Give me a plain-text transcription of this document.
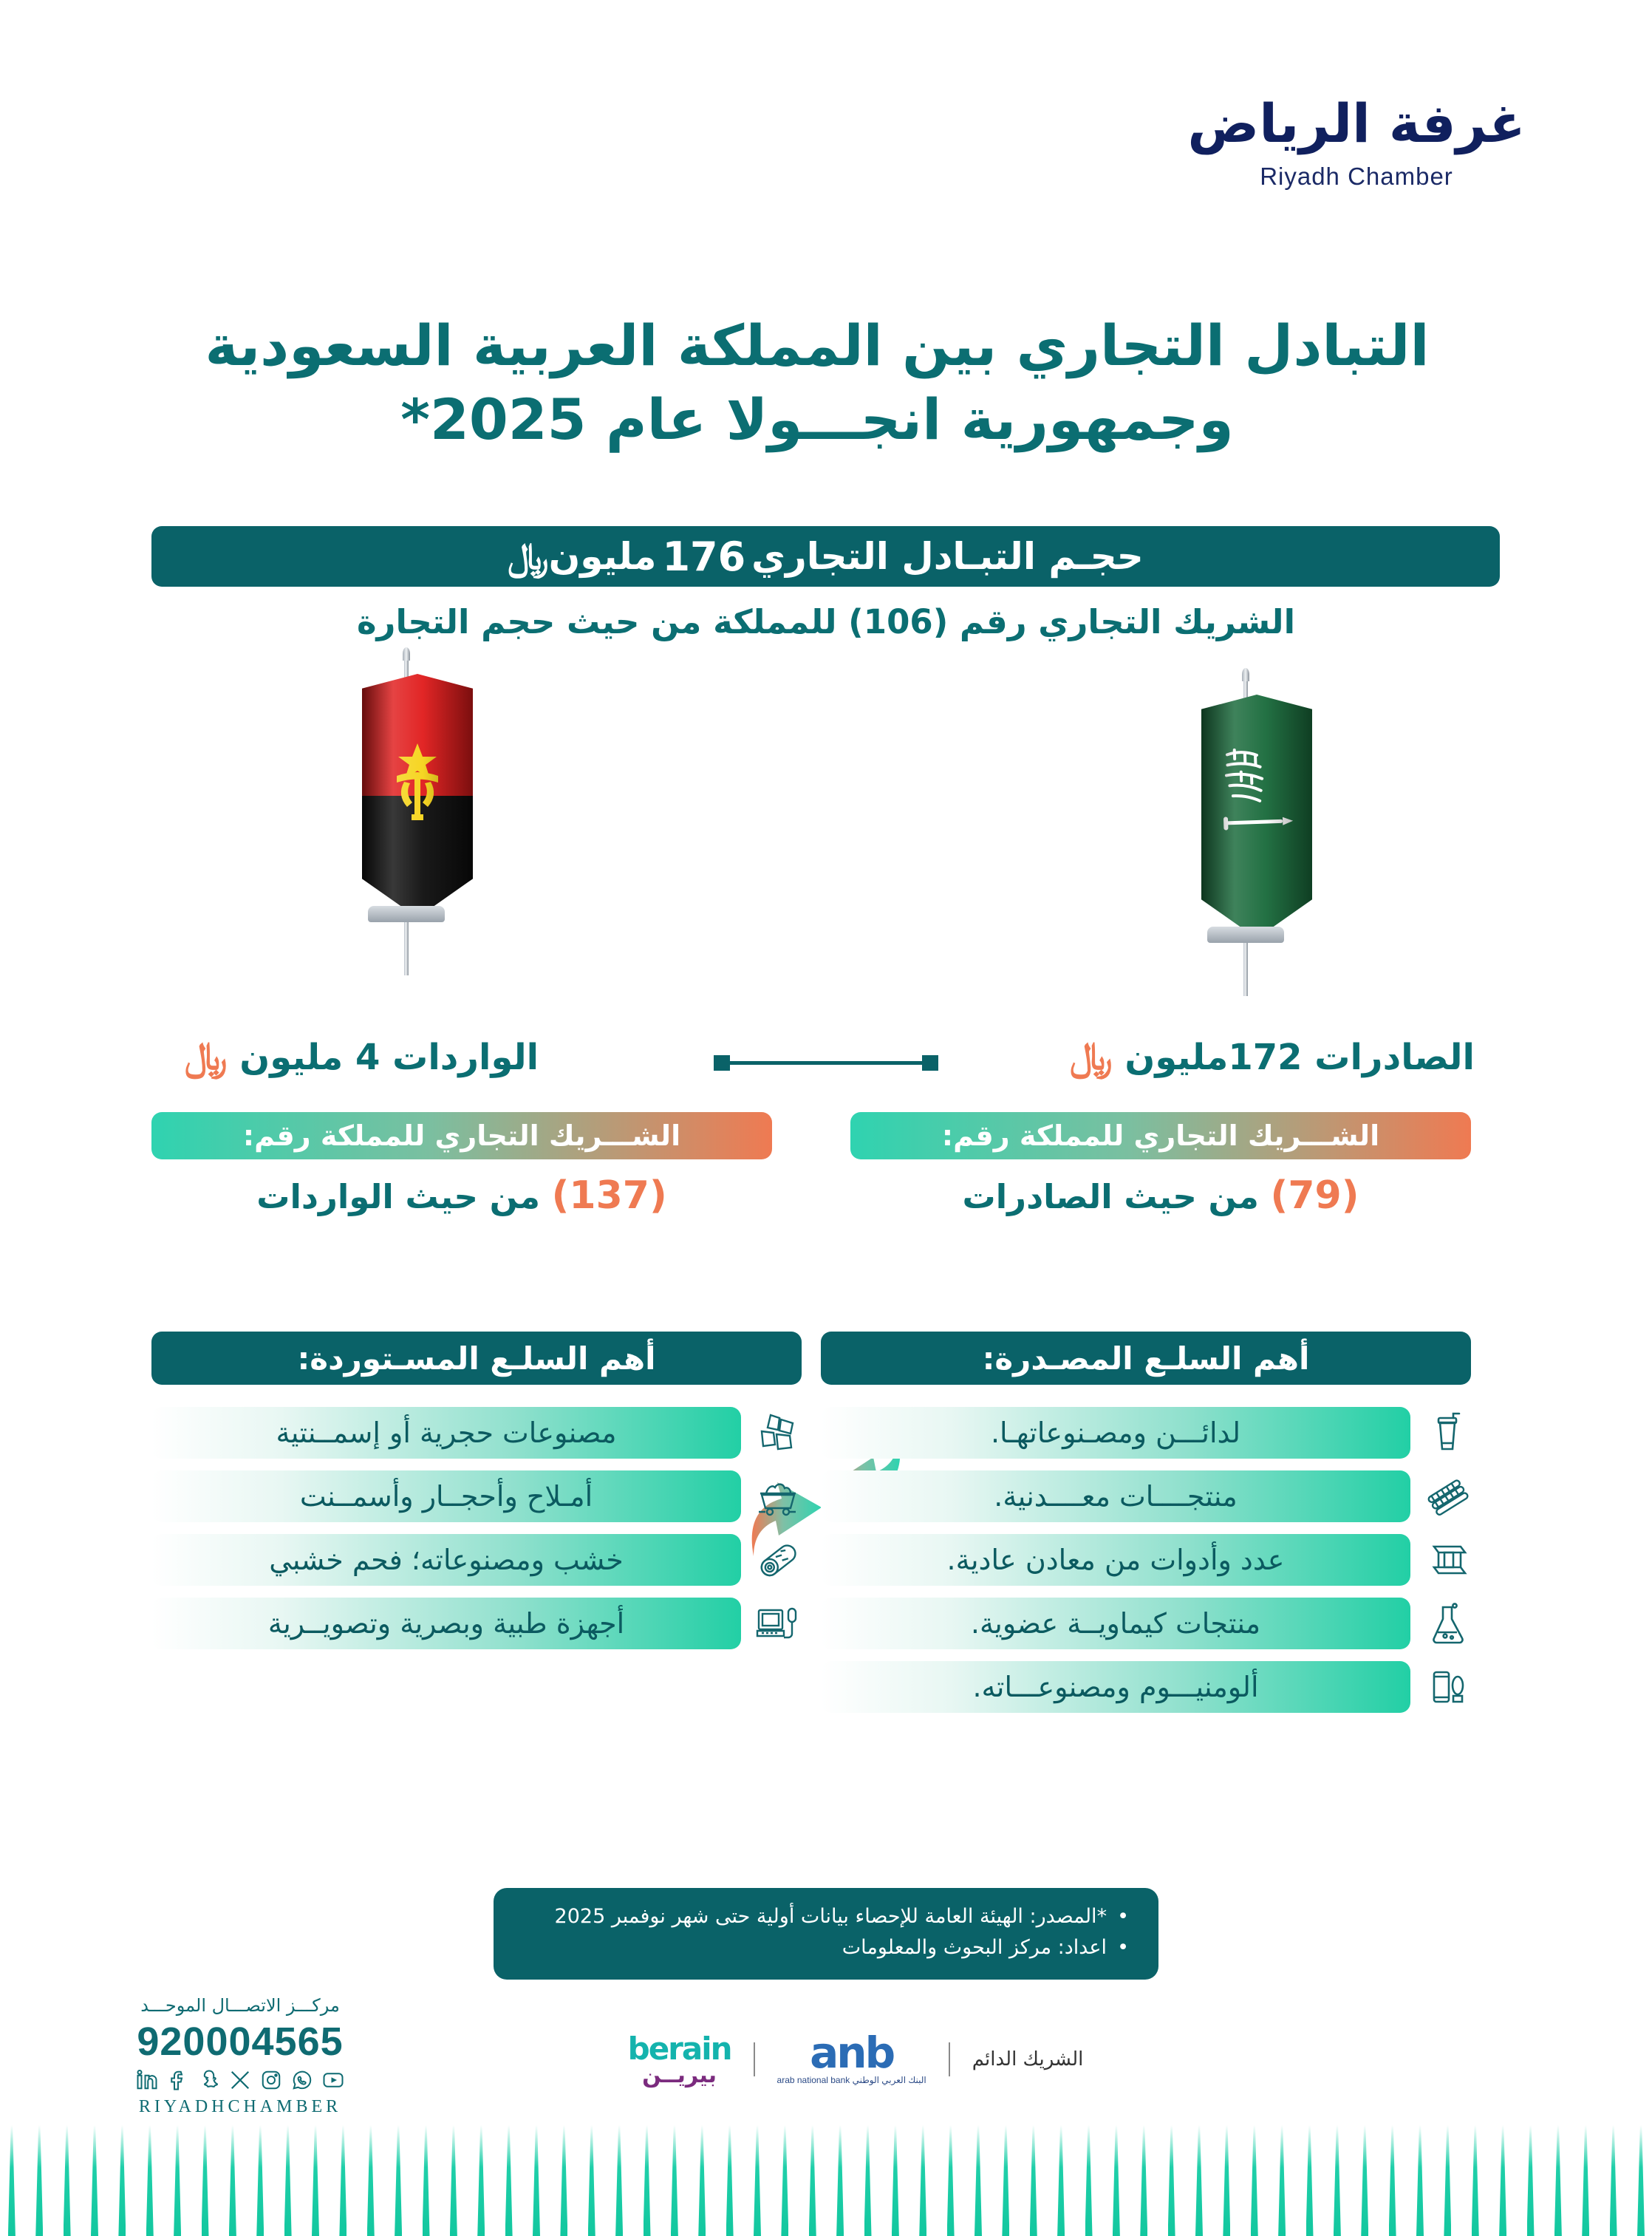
غرفة الرياض
Riyadh Chamber
التبادل التجاري بين المملكة العربية السعودية وجمهورية انجـــولا عام 2025*
حجـم التبـادل التجاري
176
مليون
﷼
الشريك التجاري رقم (106) للمملكة من حيث حجم التجارة
الصادرات 172مليون ﷼
الواردات 4 مليون ﷼
الشـــريك التجاري للمملكة رقم:
(79) من حيث الصادرات
الشـــريك التجاري للمملكة رقم:
(137) من حيث الواردات
أهم السلـع المصـدرة:
لدائـــن ومصـنوعاتهـا.
منتجــــات معــــدنية.
عدد وأدوات من معادن عادية.
منتجات كيماويــة عضوية.
ألومنيـــوم ومصنوعـــاته.
أهم السلـع المسـتوردة:
مصنوعات حجرية أو إسمــنتية
أمـلاح وأحجــار وأسمــنت
خشب ومصنوعاته؛ فحم خشبي
أجهزة طبية وبصرية وتصويــرية
• *المصدر: الهيئة العامة للإحصاء بيانات أولية حتى شهر نوفمبر 2025
• اعداد: مركز البحوث والمعلومات
مركـــز الاتصـــال الموحـــد
920004565
RIYADHCHAMBER
الشريك الدائم
anb
arab national bank البنك العربي الوطني
berain
بيريــن
